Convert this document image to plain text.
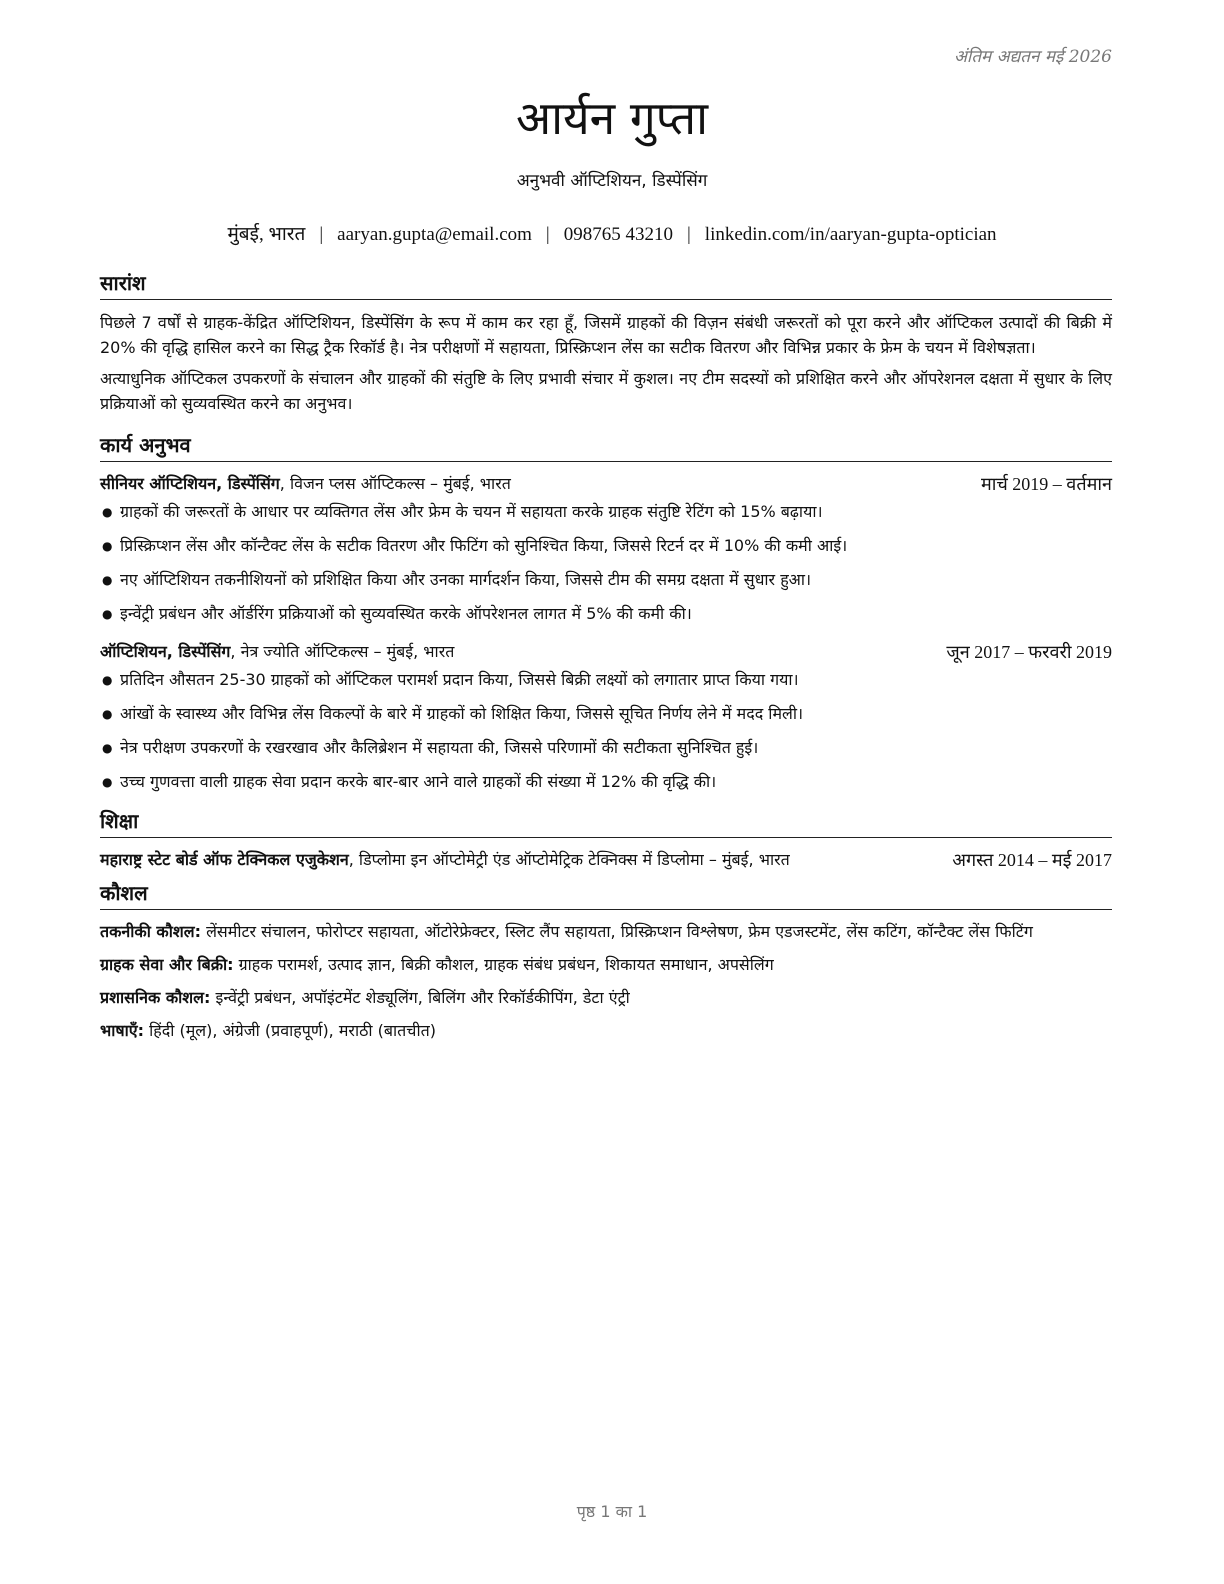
अंतिम अद्यतन मई 2026
आर्यन गुप्ता
अनुभवी ऑप्टिशियन, डिस्पेंसिंग
मुंबई, भारत | aaryan.gupta@email.com | 098765 43210 | linkedin.com/in/aaryan-gupta-optician
सारांश

पिछले 7 वर्षों से ग्राहक-केंद्रित ऑप्टिशियन, डिस्पेंसिंग के रूप में काम कर रहा हूँ, जिसमें ग्राहकों की विज़न संबंधी जरूरतों को पूरा करने और ऑप्टिकल उत्पादों की बिक्री में 20% की वृद्धि हासिल करने का सिद्ध ट्रैक रिकॉर्ड है। नेत्र परीक्षणों में सहायता, प्रिस्क्रिप्शन लेंस का सटीक वितरण और विभिन्न प्रकार के फ्रेम के चयन में विशेषज्ञता।

अत्याधुनिक ऑप्टिकल उपकरणों के संचालन और ग्राहकों की संतुष्टि के लिए प्रभावी संचार में कुशल। नए टीम सदस्यों को प्रशिक्षित करने और ऑपरेशनल दक्षता में सुधार के लिए प्रक्रियाओं को सुव्यवस्थित करने का अनुभव।

कार्य अनुभव
सीनियर ऑप्टिशियन, डिस्पेंसिंग, विजन प्लस ऑप्टिकल्स – मुंबई, भारत	मार्च 2019 – वर्तमान
● ग्राहकों की जरूरतों के आधार पर व्यक्तिगत लेंस और फ्रेम के चयन में सहायता करके ग्राहक संतुष्टि रेटिंग को 15% बढ़ाया।
● प्रिस्क्रिप्शन लेंस और कॉन्टैक्ट लेंस के सटीक वितरण और फिटिंग को सुनिश्चित किया, जिससे रिटर्न दर में 10% की कमी आई।
● नए ऑप्टिशियन तकनीशियनों को प्रशिक्षित किया और उनका मार्गदर्शन किया, जिससे टीम की समग्र दक्षता में सुधार हुआ।
● इन्वेंट्री प्रबंधन और ऑर्डरिंग प्रक्रियाओं को सुव्यवस्थित करके ऑपरेशनल लागत में 5% की कमी की।
ऑप्टिशियन, डिस्पेंसिंग, नेत्र ज्योति ऑप्टिकल्स – मुंबई, भारत	जून 2017 – फरवरी 2019
● प्रतिदिन औसतन 25-30 ग्राहकों को ऑप्टिकल परामर्श प्रदान किया, जिससे बिक्री लक्ष्यों को लगातार प्राप्त किया गया।
● आंखों के स्वास्थ्य और विभिन्न लेंस विकल्पों के बारे में ग्राहकों को शिक्षित किया, जिससे सूचित निर्णय लेने में मदद मिली।
● नेत्र परीक्षण उपकरणों के रखरखाव और कैलिब्रेशन में सहायता की, जिससे परिणामों की सटीकता सुनिश्चित हुई।
● उच्च गुणवत्ता वाली ग्राहक सेवा प्रदान करके बार-बार आने वाले ग्राहकों की संख्या में 12% की वृद्धि की।
शिक्षा
महाराष्ट्र स्टेट बोर्ड ऑफ टेक्निकल एजुकेशन, डिप्लोमा इन ऑप्टोमेट्री एंड ऑप्टोमेट्रिक टेक्निक्स में डिप्लोमा – मुंबई, भारत	अगस्त 2014 – मई 2017
कौशल
तकनीकी कौशल: लेंसमीटर संचालन, फोरोप्टर सहायता, ऑटोरेफ्रेक्टर, स्लिट लैंप सहायता, प्रिस्क्रिप्शन विश्लेषण, फ्रेम एडजस्टमेंट, लेंस कटिंग, कॉन्टैक्ट लेंस फिटिंग
ग्राहक सेवा और बिक्री: ग्राहक परामर्श, उत्पाद ज्ञान, बिक्री कौशल, ग्राहक संबंध प्रबंधन, शिकायत समाधान, अपसेलिंग
प्रशासनिक कौशल: इन्वेंट्री प्रबंधन, अपॉइंटमेंट शेड्यूलिंग, बिलिंग और रिकॉर्डकीपिंग, डेटा एंट्री
भाषाएँ: हिंदी (मूल), अंग्रेजी (प्रवाहपूर्ण), मराठी (बातचीत)
पृष्ठ 1 का 1
